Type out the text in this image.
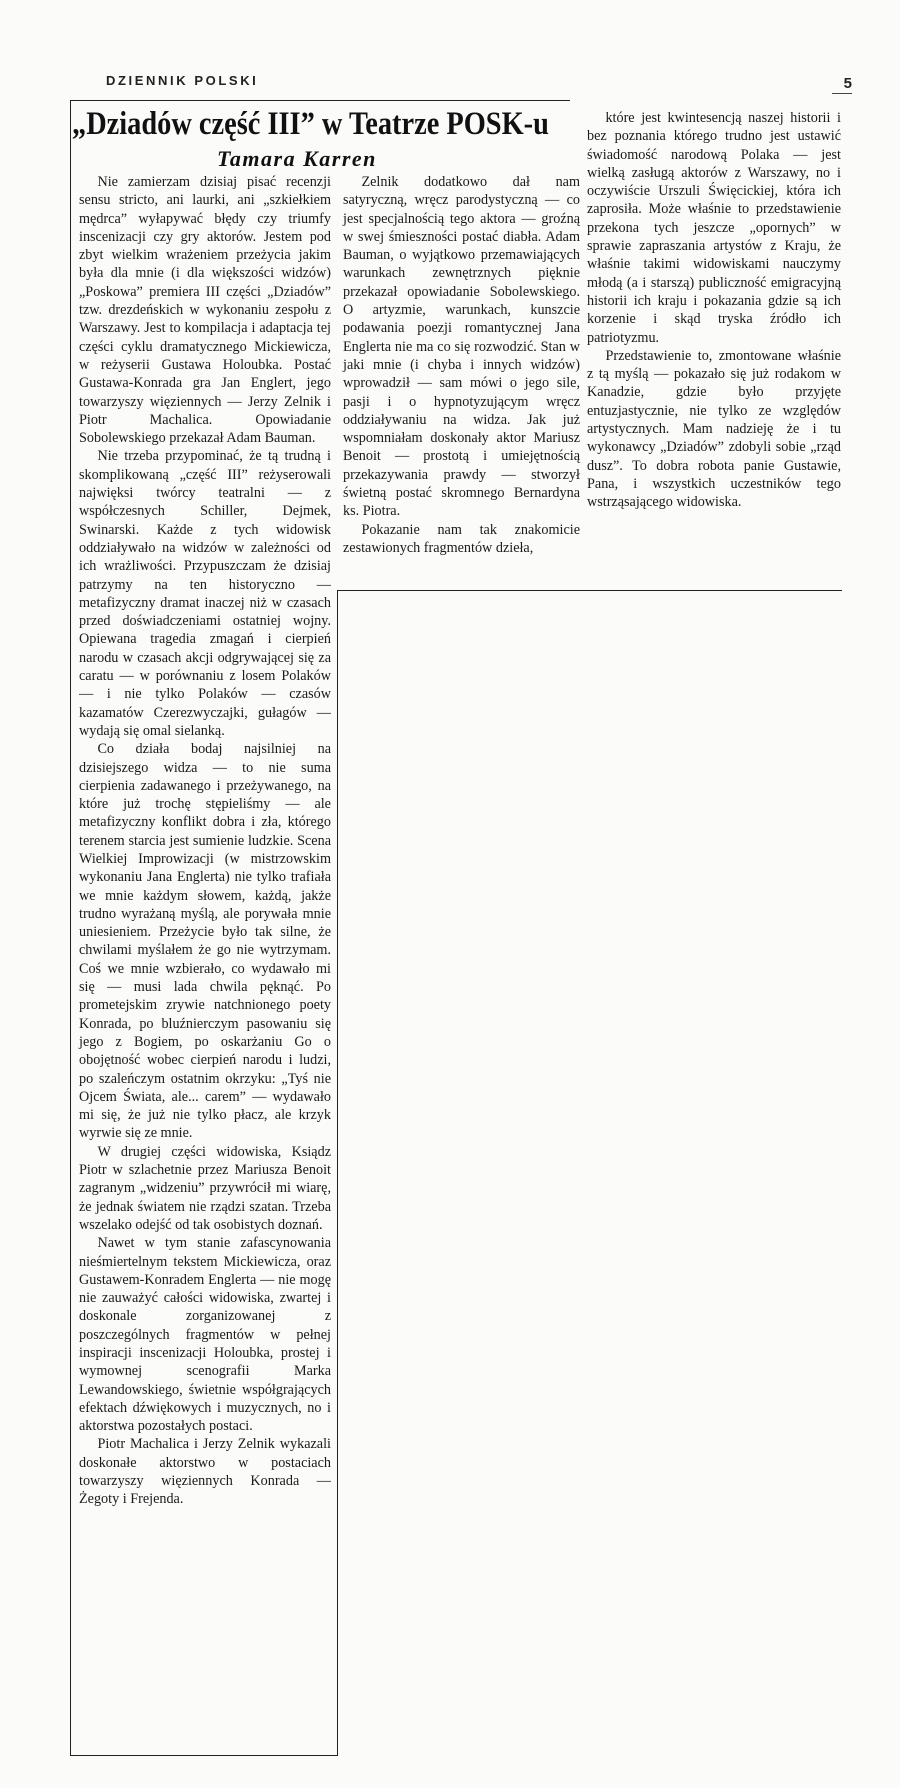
DZIENNIK POLSKI	5
„Dziadów część III” w Teatrze POSK-u
Tamara Karren

Nie zamierzam dzisiaj pisać recenzji sensu stricto, ani laurki, ani „szkiełkiem mędrca” wyłapywać błędy czy triumfy inscenizacji czy gry aktorów. Jestem pod zbyt wielkim wrażeniem przeżycia jakim była dla mnie (i dla większości widzów) „Poskowa” premiera III części „Dziadów” tzw. drezdeńskich w wykonaniu zespołu z Warszawy. Jest to kompilacja i adaptacja tej części cyklu dramatycznego Mickiewicza, w reżyserii Gustawa Holoubka. Postać Gustawa-Konrada gra Jan Englert, jego towarzyszy więziennych — Jerzy Zelnik i Piotr Machalica. Opowiadanie Sobolewskiego przekazał Adam Bauman.

Nie trzeba przypominać, że tą trudną i skomplikowaną „część III” reżyserowali najwięksi twórcy teatralni — z współczesnych Schiller, Dejmek, Swinarski. Każde z tych widowisk oddziaływało na widzów w zależności od ich wrażliwości. Przypuszczam że dzisiaj patrzymy na ten historyczno — metafizyczny dramat inaczej niż w czasach przed doświadczeniami ostatniej wojny. Opiewana tragedia zmagań i cierpień narodu w czasach akcji odgrywającej się za caratu — w porównaniu z losem Polaków — i nie tylko Polaków — czasów kazamatów Czerezwyczajki, gułagów — wydają się omal sielanką.

Co działa bodaj najsilniej na dzisiejszego widza — to nie suma cierpienia zadawanego i przeżywanego, na które już trochę stępieliśmy — ale metafizyczny konflikt dobra i zła, którego terenem starcia jest sumienie ludzkie. Scena Wielkiej Improwizacji (w mistrzowskim wykonaniu Jana Englerta) nie tylko trafiała we mnie każdym słowem, każdą, jakże trudno wyrażaną myślą, ale porywała mnie uniesieniem. Przeżycie było tak silne, że chwilami myślałem że go nie wytrzymam. Coś we mnie wzbierało, co wydawało mi się — musi lada chwila pęknąć. Po prometejskim zrywie natchnionego poety Konrada, po bluźnierczym pasowaniu się jego z Bogiem, po oskarżaniu Go o obojętność wobec cierpień narodu i ludzi, po szaleńczym ostatnim okrzyku: „Tyś nie Ojcem Świata, ale... carem” — wydawało mi się, że już nie tylko płacz, ale krzyk wyrwie się ze mnie.

W drugiej części widowiska, Ksiądz Piotr w szlachetnie przez Mariusza Benoit zagranym „widzeniu” przywrócił mi wiarę, że jednak światem nie rządzi szatan. Trzeba wszelako odejść od tak osobistych doznań.

Nawet w tym stanie zafascynowania nieśmiertelnym tekstem Mickiewicza, oraz Gustawem-Konradem Englerta — nie mogę nie zauważyć całości widowiska, zwartej i doskonale zorganizowanej z poszczególnych fragmentów w pełnej inspiracji inscenizacji Holoubka, prostej i wymownej scenografii Marka Lewandowskiego, świetnie współgrających efektach dźwiękowych i muzycznych, no i aktorstwa pozostałych postaci.

Piotr Machalica i Jerzy Zelnik wykazali doskonałe aktorstwo w postaciach towarzyszy więziennych Konrada — Żegoty i Frejenda.

Zelnik dodatkowo dał nam satyryczną, wręcz parodystyczną — co jest specjalnością tego aktora — groźną w swej śmieszności postać diabła. Adam Bauman, o wyjątkowo przemawiających warunkach zewnętrznych pięknie przekazał opowiadanie Sobolewskiego. O artyzmie, warunkach, kunszcie podawania poezji romantycznej Jana Englerta nie ma co się rozwodzić. Stan w jaki mnie (i chyba i innych widzów) wprowadził — sam mówi o jego sile, pasji i o hypnotyzującym wręcz oddziaływaniu na widza. Jak już wspomniałam doskonały aktor Mariusz Benoit — prostotą i umiejętnością przekazywania prawdy — stworzył świetną postać skromnego Bernardyna ks. Piotra.

Pokazanie nam tak znakomicie zestawionych fragmentów dzieła,

które jest kwintesencją naszej historii i bez poznania którego trudno jest ustawić świadomość narodową Polaka — jest wielką zasługą aktorów z Warszawy, no i oczywiście Urszuli Święcickiej, która ich zaprosiła. Może właśnie to przedstawienie przekona tych jeszcze „opornych” w sprawie zapraszania artystów z Kraju, że właśnie takimi widowiskami nauczymy młodą (a i starszą) publiczność emigracyjną historii ich kraju i pokazania gdzie są ich korzenie i skąd tryska źródło ich patriotyzmu.

Przedstawienie to, zmontowane właśnie z tą myślą — pokazało się już rodakom w Kanadzie, gdzie było przyjęte entuzjastycznie, nie tylko ze względów artystycznych. Mam nadzieję że i tu wykonawcy „Dziadów” zdobyli sobie „rząd dusz”. To dobra robota panie Gustawie, Pana, i wszystkich uczestników tego wstrząsającego widowiska.
